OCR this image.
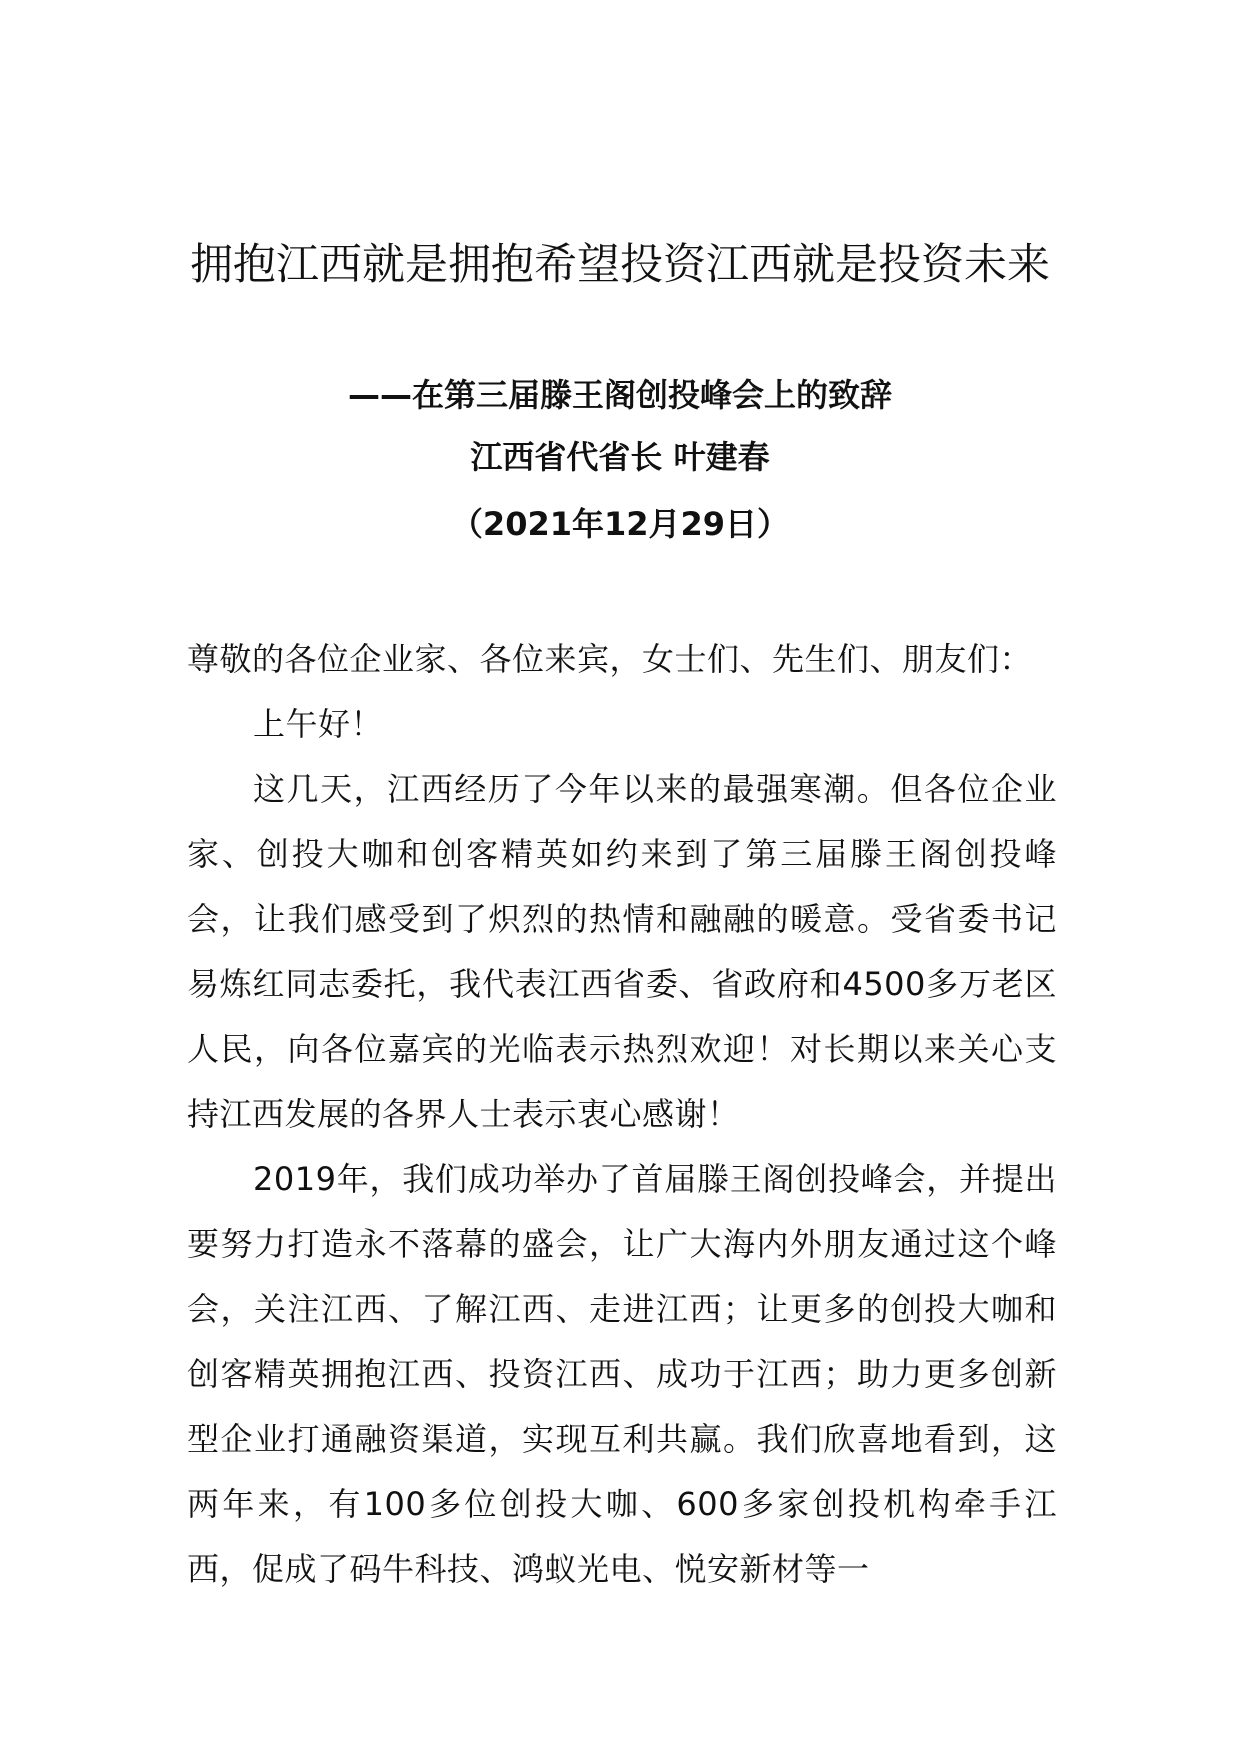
拥抱江西就是拥抱希望投资江西就是投资未来

——在第三届滕王阁创投峰会上的致辞

江西省代省长 叶建春

（2021年12月29日）

尊敬的各位企业家、各位来宾，女士们、先生们、朋友们：

上午好！

这几天，江西经历了今年以来的最强寒潮。但各位企业家、创投大咖和创客精英如约来到了第三届滕王阁创投峰会，让我们感受到了炽烈的热情和融融的暖意。受省委书记易炼红同志委托，我代表江西省委、省政府和4500多万老区人民，向各位嘉宾的光临表示热烈欢迎！对长期以来关心支持江西发展的各界人士表示衷心感谢！

2019年，我们成功举办了首届滕王阁创投峰会，并提出要努力打造永不落幕的盛会，让广大海内外朋友通过这个峰会，关注江西、了解江西、走进江西；让更多的创投大咖和创客精英拥抱江西、投资江西、成功于江西；助力更多创新型企业打通融资渠道，实现互利共赢。我们欣喜地看到，这两年来，有100多位创投大咖、600多家创投机构牵手江西，促成了码牛科技、鸿蚁光电、悦安新材等一
